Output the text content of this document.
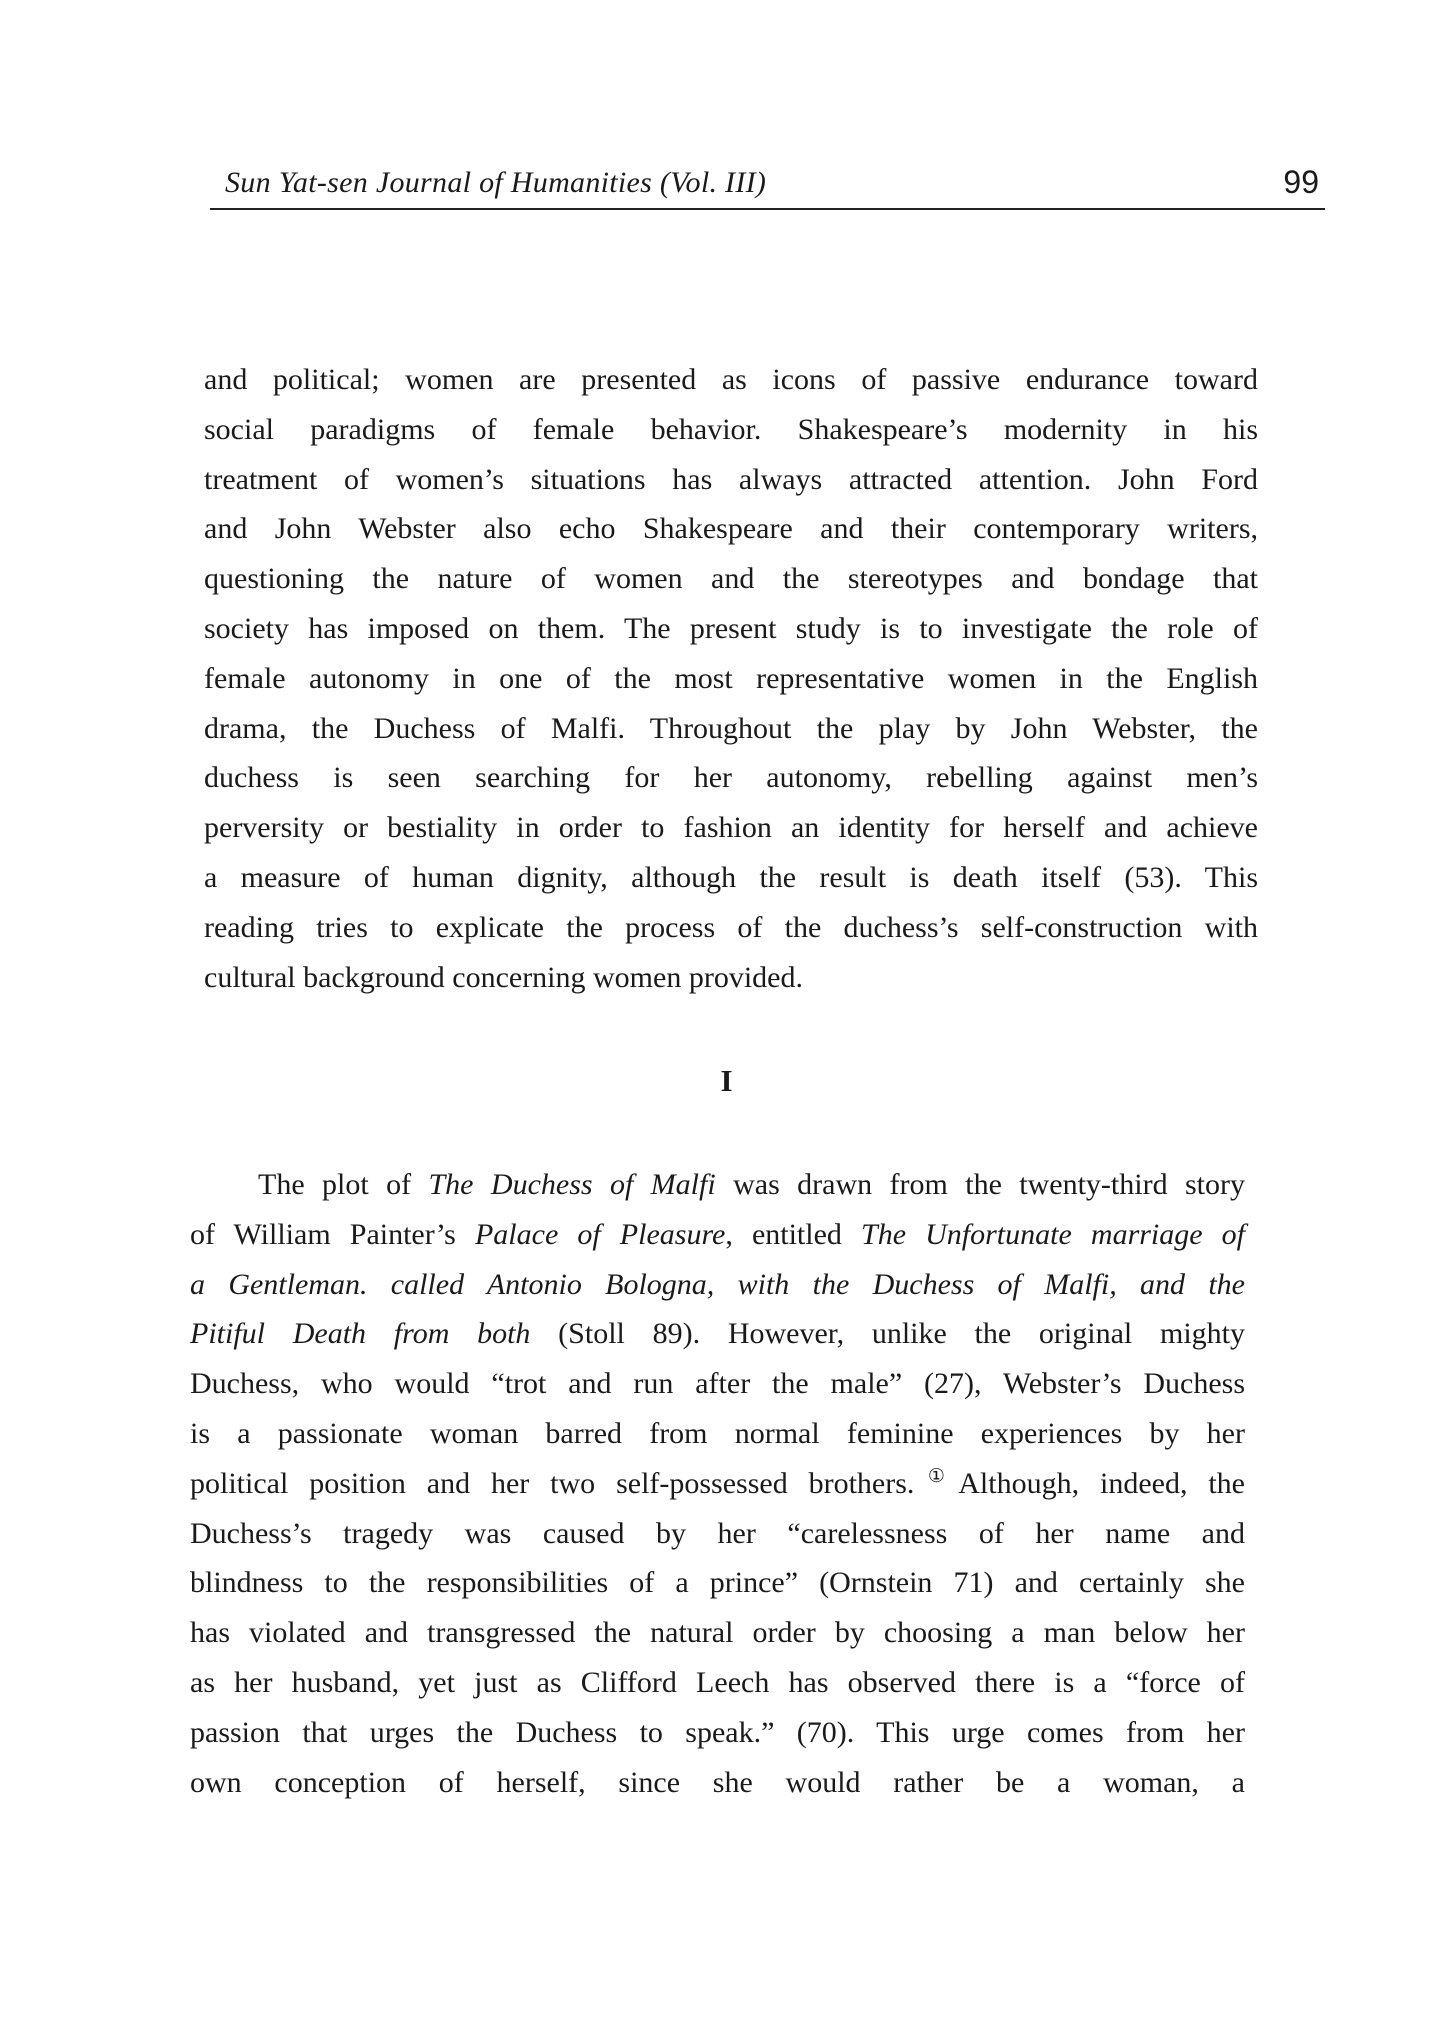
Sun Yat-sen Journal of Humanities (Vol. III)	99
and political; women are presented as icons of passive endurance toward
social paradigms of female behavior. Shakespeare’s modernity in his
treatment of women’s situations has always attracted attention. John Ford
and John Webster also echo Shakespeare and their contemporary writers,
questioning the nature of women and the stereotypes and bondage that
society has imposed on them. The present study is to investigate the role of
female autonomy in one of the most representative women in the English
drama, the Duchess of Malfi. Throughout the play by John Webster, the
duchess is seen searching for her autonomy, rebelling against men’s
perversity or bestiality in order to fashion an identity for herself and achieve
a measure of human dignity, although the result is death itself (53). This
reading tries to explicate the process of the duchess’s self-construction with
cultural background concerning women provided.
I
The plot of The Duchess of Malfi was drawn from the twenty-third story
of William Painter’s Palace of Pleasure, entitled The Unfortunate marriage of
a Gentleman. called Antonio Bologna, with the Duchess of Malfi, and the
Pitiful Death from both (Stoll 89). However, unlike the original mighty
Duchess, who would “trot and run after the male” (27), Webster’s Duchess
is a passionate woman barred from normal feminine experiences by her
political position and her two self-possessed brothers.①Although, indeed, the
Duchess’s tragedy was caused by her “carelessness of her name and
blindness to the responsibilities of a prince” (Ornstein 71) and certainly she
has violated and transgressed the natural order by choosing a man below her
as her husband, yet just as Clifford Leech has observed there is a “force of
passion that urges the Duchess to speak.” (70). This urge comes from her
own conception of herself, since she would rather be a woman, a
